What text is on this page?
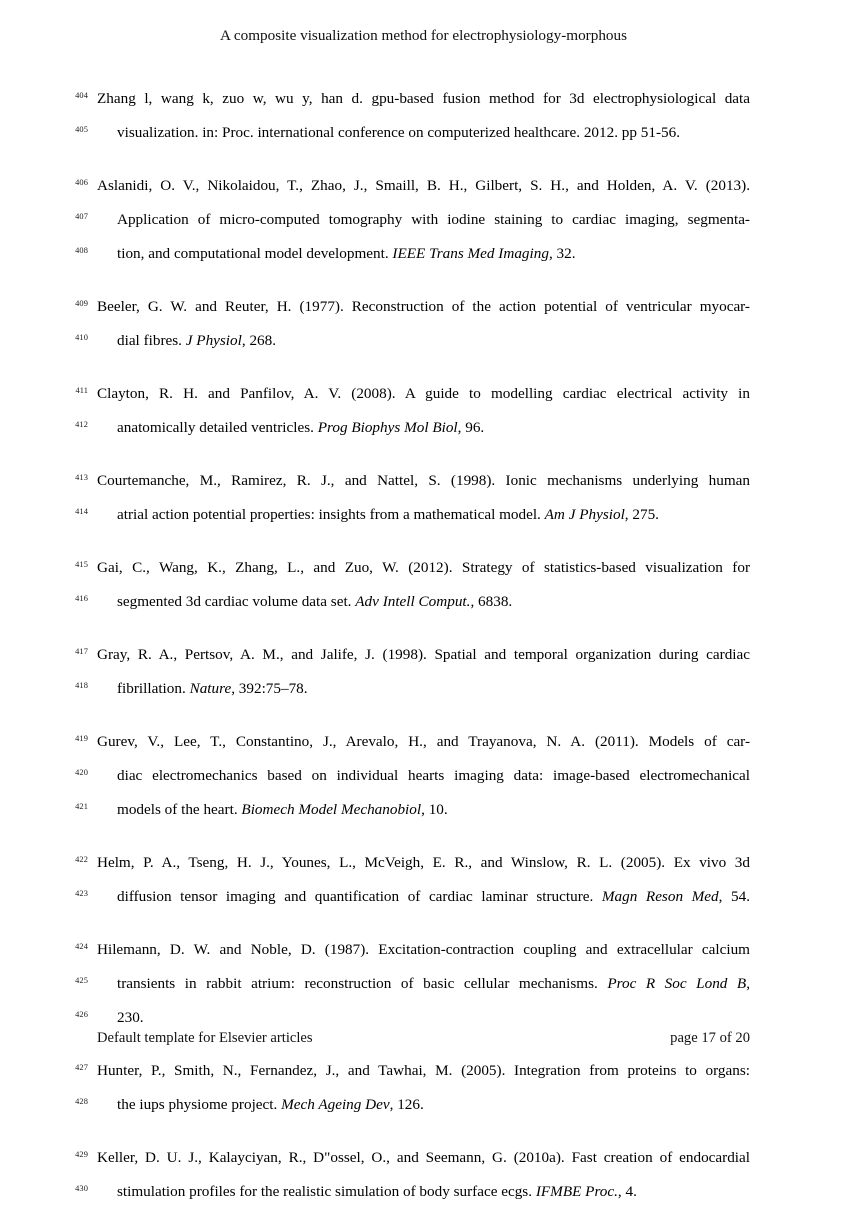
A composite visualization method for electrophysiology-morphous
404 Zhang l, wang k, zuo w, wu y, han d. gpu-based fusion method for 3d electrophysiological data
405 visualization. in: Proc. international conference on computerized healthcare. 2012. pp 51-56.
406 Aslanidi, O. V., Nikolaidou, T., Zhao, J., Smaill, B. H., Gilbert, S. H., and Holden, A. V. (2013).
407 Application of micro-computed tomography with iodine staining to cardiac imaging, segmenta-
408 tion, and computational model development. IEEE Trans Med Imaging, 32.
409 Beeler, G. W. and Reuter, H. (1977). Reconstruction of the action potential of ventricular myocar-
410 dial fibres. J Physiol, 268.
411 Clayton, R. H. and Panfilov, A. V. (2008). A guide to modelling cardiac electrical activity in
412 anatomically detailed ventricles. Prog Biophys Mol Biol, 96.
413 Courtemanche, M., Ramirez, R. J., and Nattel, S. (1998). Ionic mechanisms underlying human
414 atrial action potential properties: insights from a mathematical model. Am J Physiol, 275.
415 Gai, C., Wang, K., Zhang, L., and Zuo, W. (2012). Strategy of statistics-based visualization for
416 segmented 3d cardiac volume data set. Adv Intell Comput., 6838.
417 Gray, R. A., Pertsov, A. M., and Jalife, J. (1998). Spatial and temporal organization during cardiac
418 fibrillation. Nature, 392:75–78.
419 Gurev, V., Lee, T., Constantino, J., Arevalo, H., and Trayanova, N. A. (2011). Models of car-
420 diac electromechanics based on individual hearts imaging data: image-based electromechanical
421 models of the heart. Biomech Model Mechanobiol, 10.
422 Helm, P. A., Tseng, H. J., Younes, L., McVeigh, E. R., and Winslow, R. L. (2005). Ex vivo 3d
423 diffusion tensor imaging and quantification of cardiac laminar structure. Magn Reson Med, 54.
424 Hilemann, D. W. and Noble, D. (1987). Excitation-contraction coupling and extracellular calcium
425 transients in rabbit atrium: reconstruction of basic cellular mechanisms. Proc R Soc Lond B,
426 230.
427 Hunter, P., Smith, N., Fernandez, J., and Tawhai, M. (2005). Integration from proteins to organs:
428 the iups physiome project. Mech Ageing Dev, 126.
429 Keller, D. U. J., Kalayciyan, R., D"ossel, O., and Seemann, G. (2010a). Fast creation of endocardial
430 stimulation profiles for the realistic simulation of body surface ecgs. IFMBE Proc., 4.
Default template for Elsevier articles	page 17 of 20
